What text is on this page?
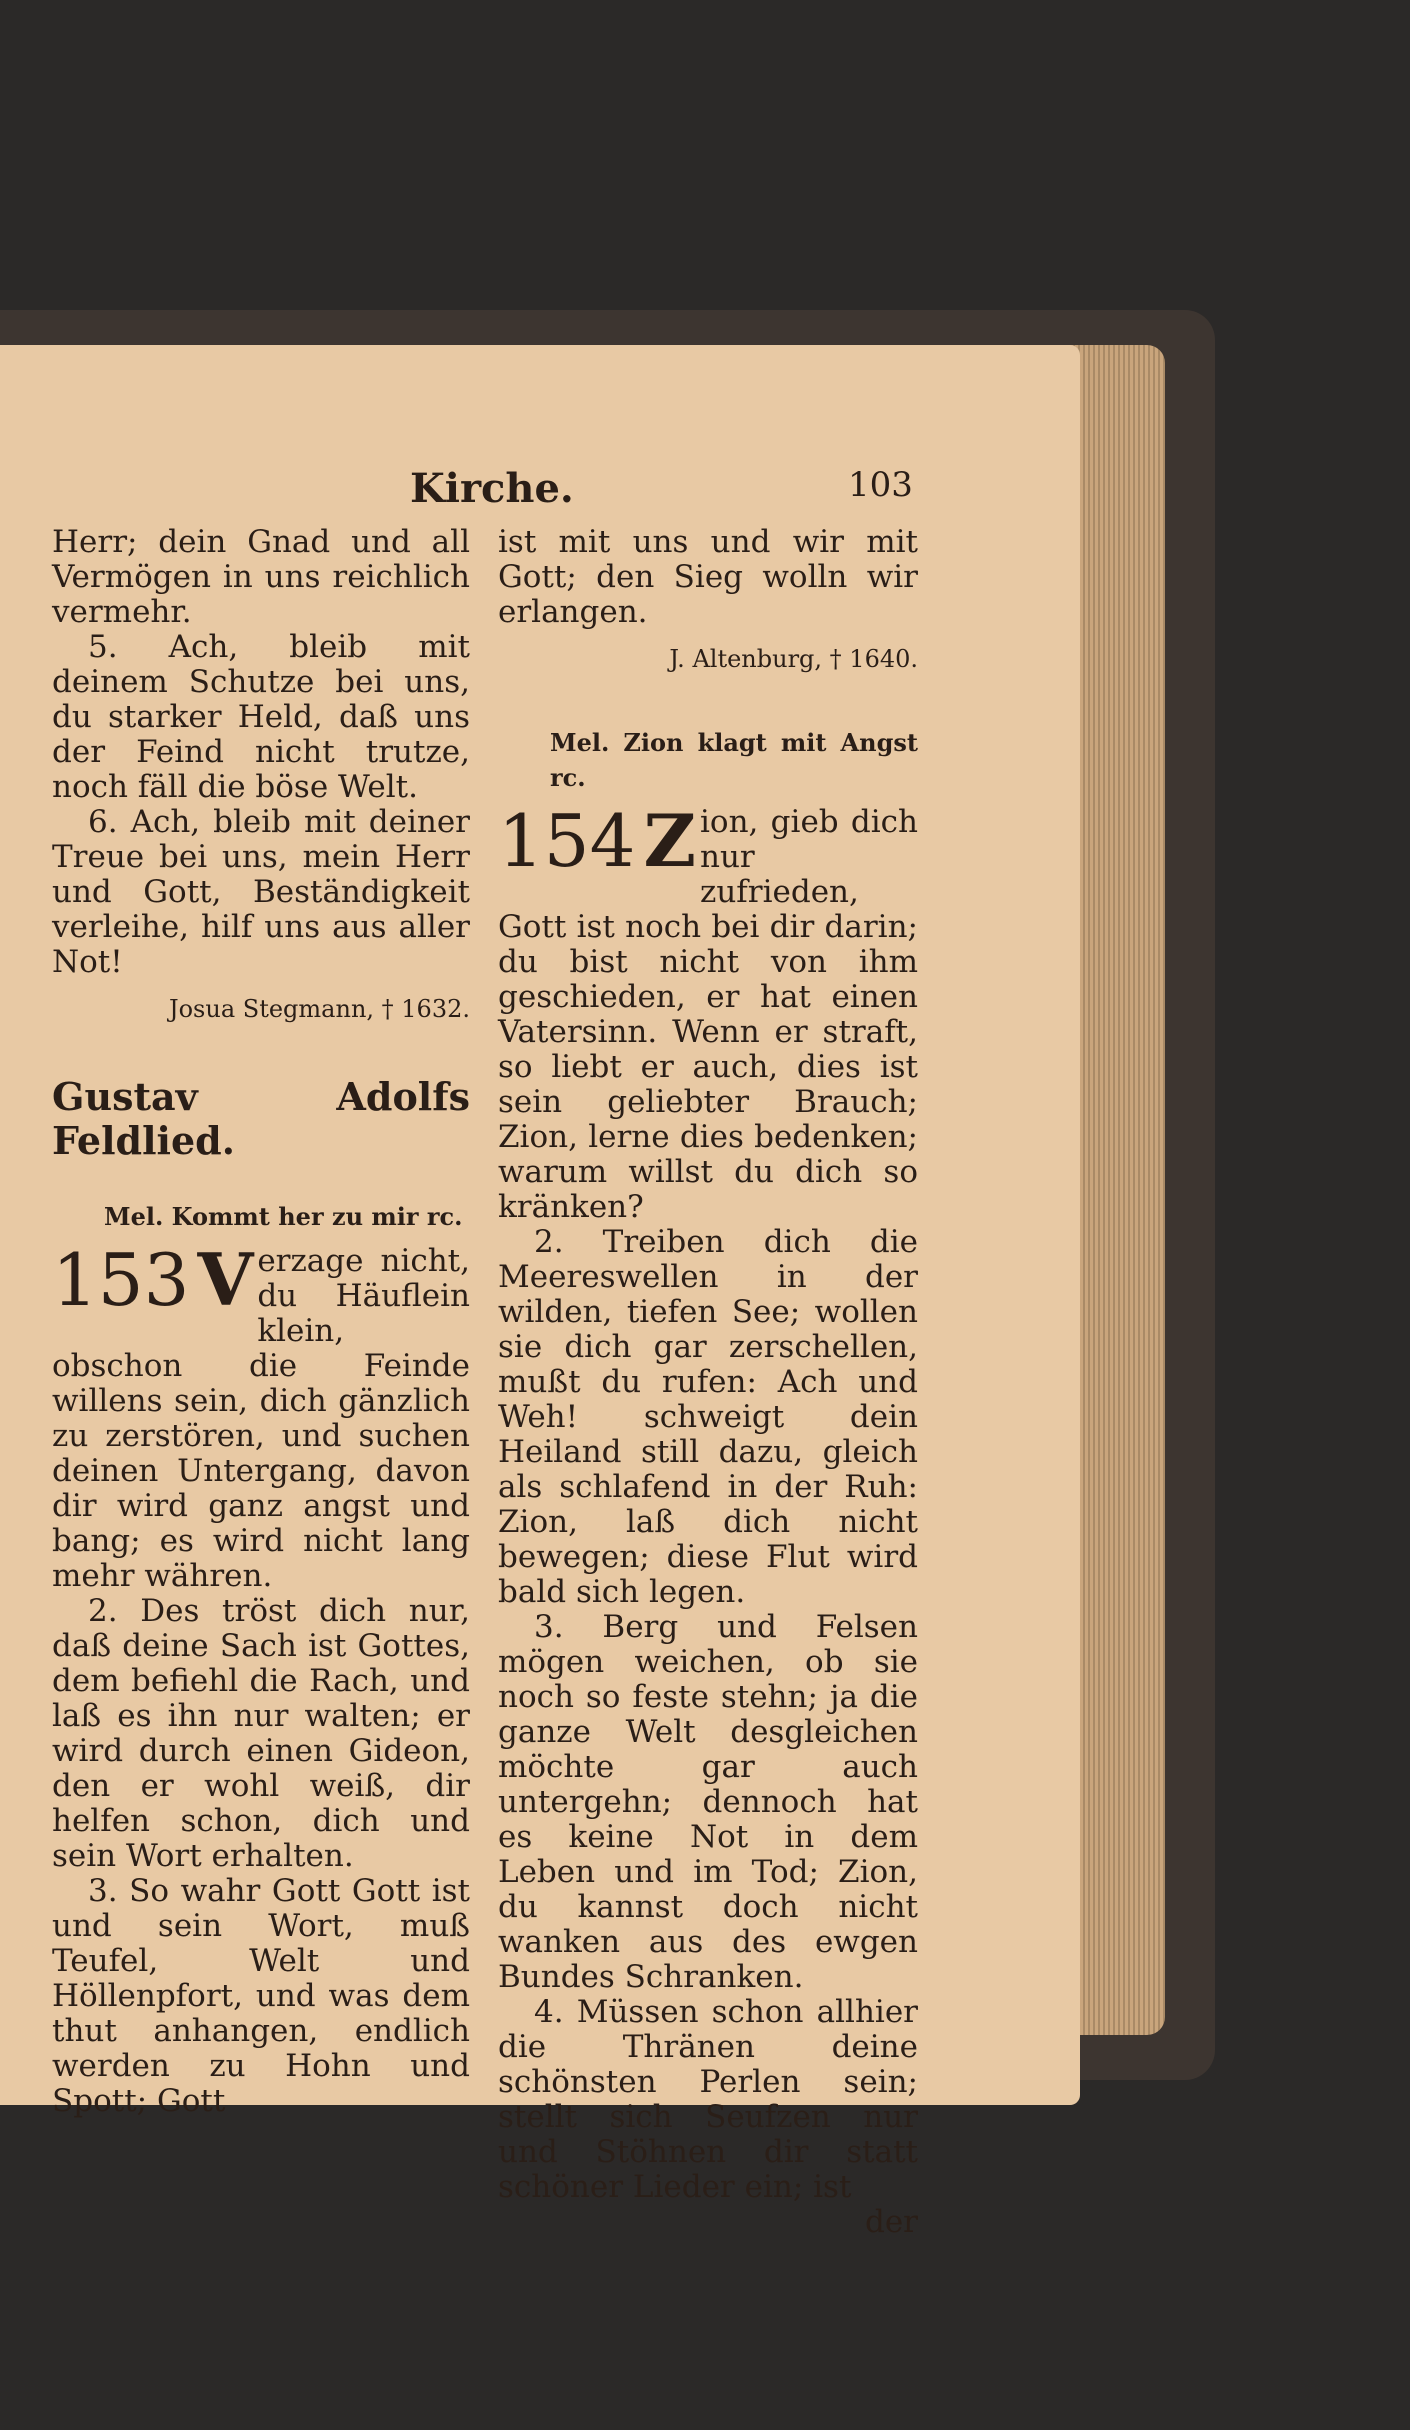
Kirche.	103

Herr; dein Gnad und all Vermögen in uns reichlich vermehr.

5. Ach, bleib mit deinem Schutze bei uns, du starker Held, daß uns der Feind nicht trutze, noch fäll die böse Welt.

6. Ach, bleib mit deiner Treue bei uns, mein Herr und Gott, Beständigkeit verleihe, hilf uns aus aller Not!

Josua Stegmann, † 1632.

Gustav Adolfs Feldlied.

Mel. Kommt her zu mir rc.

153 V erzage nicht, du Häuflein klein, obschon die Feinde willens sein, dich gänzlich zu zerstören, und suchen deinen Untergang, davon dir wird ganz angst und bang; es wird nicht lang mehr währen.

2. Des tröst dich nur, daß deine Sach ist Gottes, dem befiehl die Rach, und laß es ihn nur walten; er wird durch einen Gideon, den er wohl weiß, dir helfen schon, dich und sein Wort erhalten.

3. So wahr Gott Gott ist und sein Wort, muß Teufel, Welt und Höllenpfort, und was dem thut anhangen, endlich werden zu Hohn und Spott; Gott

ist mit uns und wir mit Gott; den Sieg wolln wir erlangen.

J. Altenburg, † 1640.

Mel. Zion klagt mit Angst rc.

154 Z ion, gieb dich nur zufrieden, Gott ist noch bei dir darin; du bist nicht von ihm geschieden, er hat einen Vatersinn. Wenn er straft, so liebt er auch, dies ist sein geliebter Brauch; Zion, lerne dies bedenken; warum willst du dich so kränken?

2. Treiben dich die Meereswellen in der wilden, tiefen See; wollen sie dich gar zerschellen, mußt du rufen: Ach und Weh! schweigt dein Heiland still dazu, gleich als schlafend in der Ruh: Zion, laß dich nicht bewegen; diese Flut wird bald sich legen.

3. Berg und Felsen mögen weichen, ob sie noch so feste stehn; ja die ganze Welt desgleichen möchte gar auch untergehn; dennoch hat es keine Not in dem Leben und im Tod; Zion, du kannst doch nicht wanken aus des ewgen Bundes Schranken.

4. Müssen schon allhier die Thränen deine schönsten Perlen sein; stellt sich Seufzen nur und Stöhnen dir statt schöner Lieder ein; ist

der
